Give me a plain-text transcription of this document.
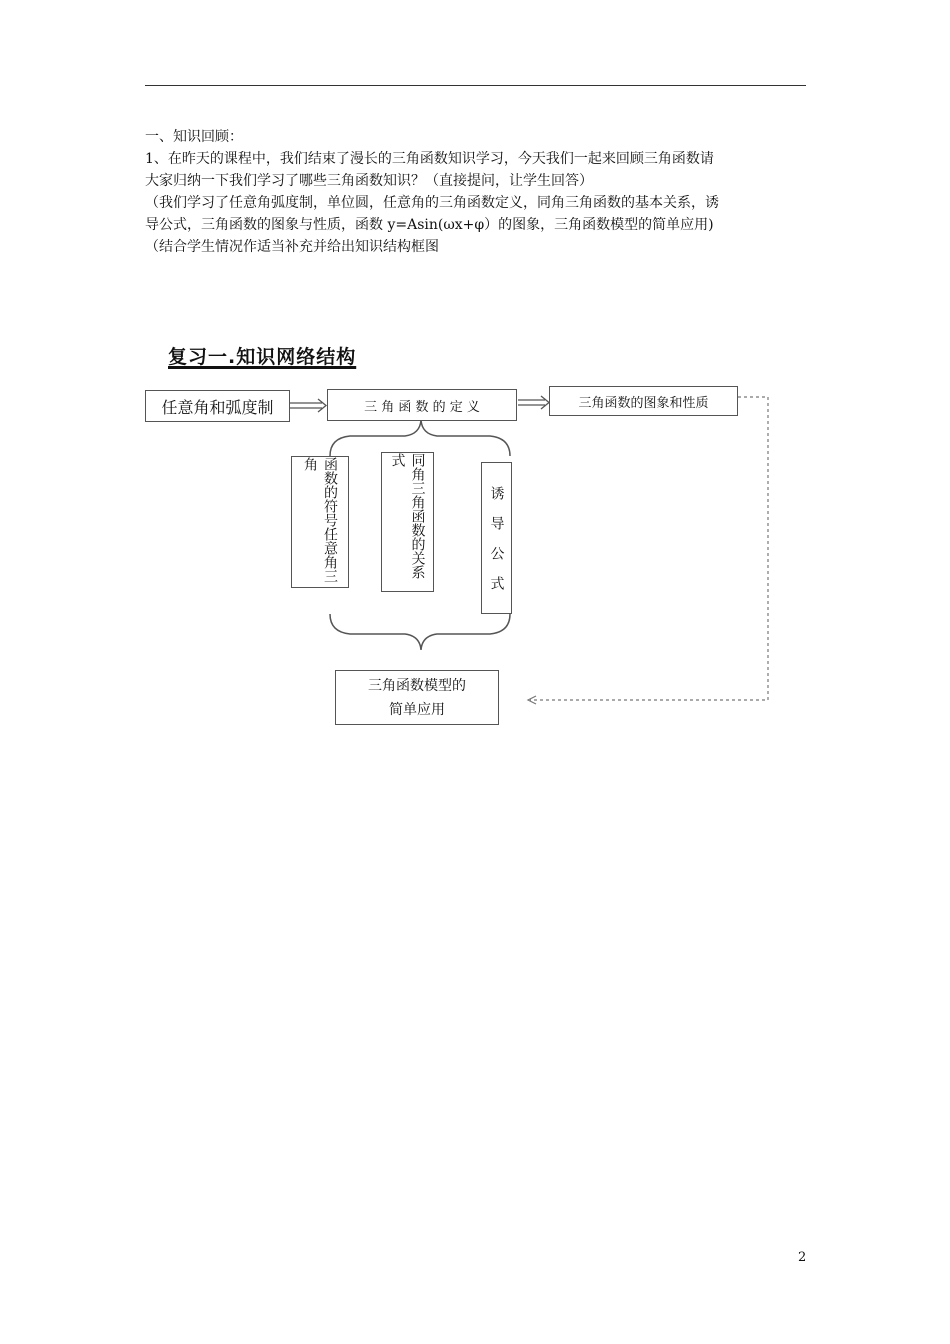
一、知识回顾：

1、在昨天的课程中，我们结束了漫长的三角函数知识学习，今天我们一起来回顾三角函数请

大家归纳一下我们学习了哪些三角函数知识？（直接提问，让学生回答）

（我们学习了任意角弧度制，单位圆，任意角的三角函数定义，同角三角函数的基本关系，诱

导公式，三角函数的图象与性质，函数 y=Asin(ωx+φ）的图象，三角函数模型的简单应用)

（结合学生情况作适当补充并给出知识结构框图

复习一.知识网络结构
任意角和弧度制	三 角 函 数 的 定 义	三角函数的图象和性质
函数的符号任意角三角	同角三角函数的关系式
诱 导 公 式
三角函数模型的
简单应用
2
